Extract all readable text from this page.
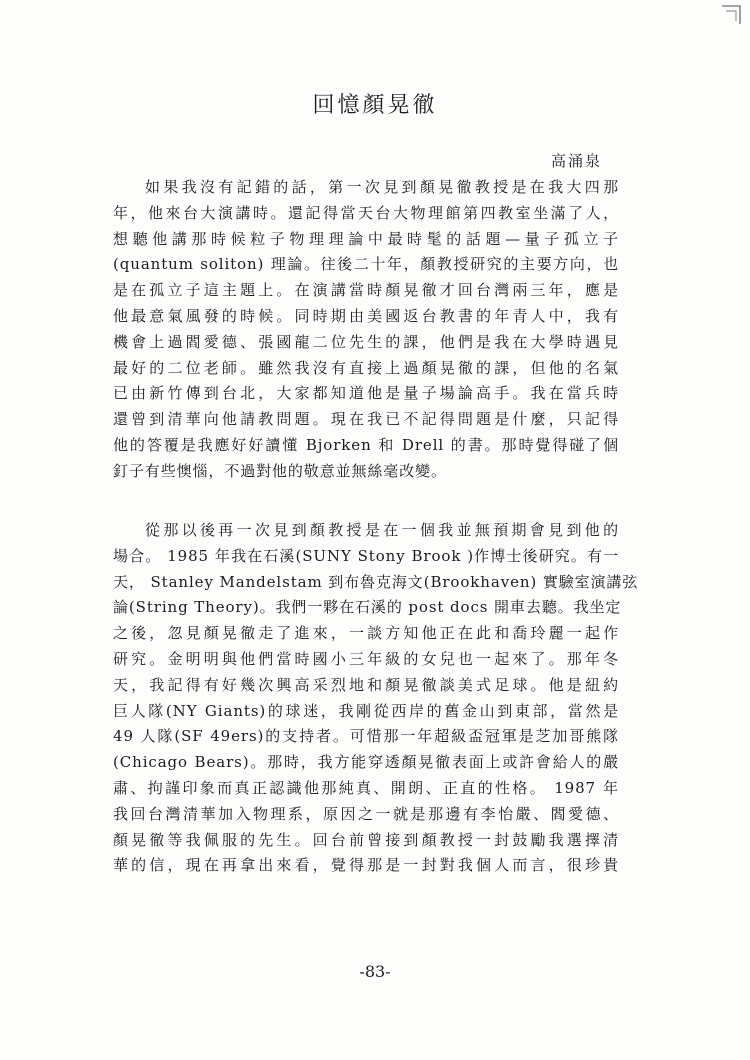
回憶顏晃徹
高涌泉
如果我沒有記錯的話，第一次見到顏晃徹教授是在我大四那
年，他來台大演講時。還記得當天台大物理館第四教室坐滿了人，
想聽他講那時候粒子物理理論中最時髦的話題—量子孤立子
(quantum soliton) 理論。往後二十年，顏教授研究的主要方向，也
是在孤立子這主題上。在演講當時顏晃徹才回台灣兩三年，應是
他最意氣風發的時候。同時期由美國返台教書的年青人中，我有
機會上過閻愛德、張國龍二位先生的課，他們是我在大學時遇見
最好的二位老師。雖然我沒有直接上過顏晃徹的課，但他的名氣
已由新竹傳到台北，大家都知道他是量子場論高手。我在當兵時
還曾到清華向他請教問題。現在我已不記得問題是什麼，只記得
他的答覆是我應好好讀懂 Bjorken 和 Drell 的書。那時覺得碰了個
釘子有些懊惱，不過對他的敬意並無絲毫改變。
從那以後再一次見到顏教授是在一個我並無預期會見到他的
場合。 1985 年我在石溪(SUNY Stony Brook )作博士後研究。有一
天， Stanley Mandelstam 到布魯克海文(Brookhaven) 實驗室演講弦
論(String Theory)。我們一夥在石溪的 post docs 開車去聽。我坐定
之後，忽見顏晃徹走了進來，一談方知他正在此和喬玲麗一起作
研究。金明明與他們當時國小三年級的女兒也一起來了。那年冬
天，我記得有好幾次興高采烈地和顏晃徹談美式足球。他是紐約
巨人隊(NY Giants)的球迷，我剛從西岸的舊金山到東部，當然是
49 人隊(SF 49ers)的支持者。可惜那一年超級盃冠軍是芝加哥熊隊
(Chicago Bears)。那時，我方能穿透顏晃徹表面上或許會給人的嚴
肅、拘謹印象而真正認識他那純真、開朗、正直的性格。 1987 年
我回台灣清華加入物理系，原因之一就是那邊有李怡嚴、閻愛德、
顏晃徹等我佩服的先生。回台前曾接到顏教授一封鼓勵我選擇清
華的信，現在再拿出來看，覺得那是一封對我個人而言，很珍貴
-83-
